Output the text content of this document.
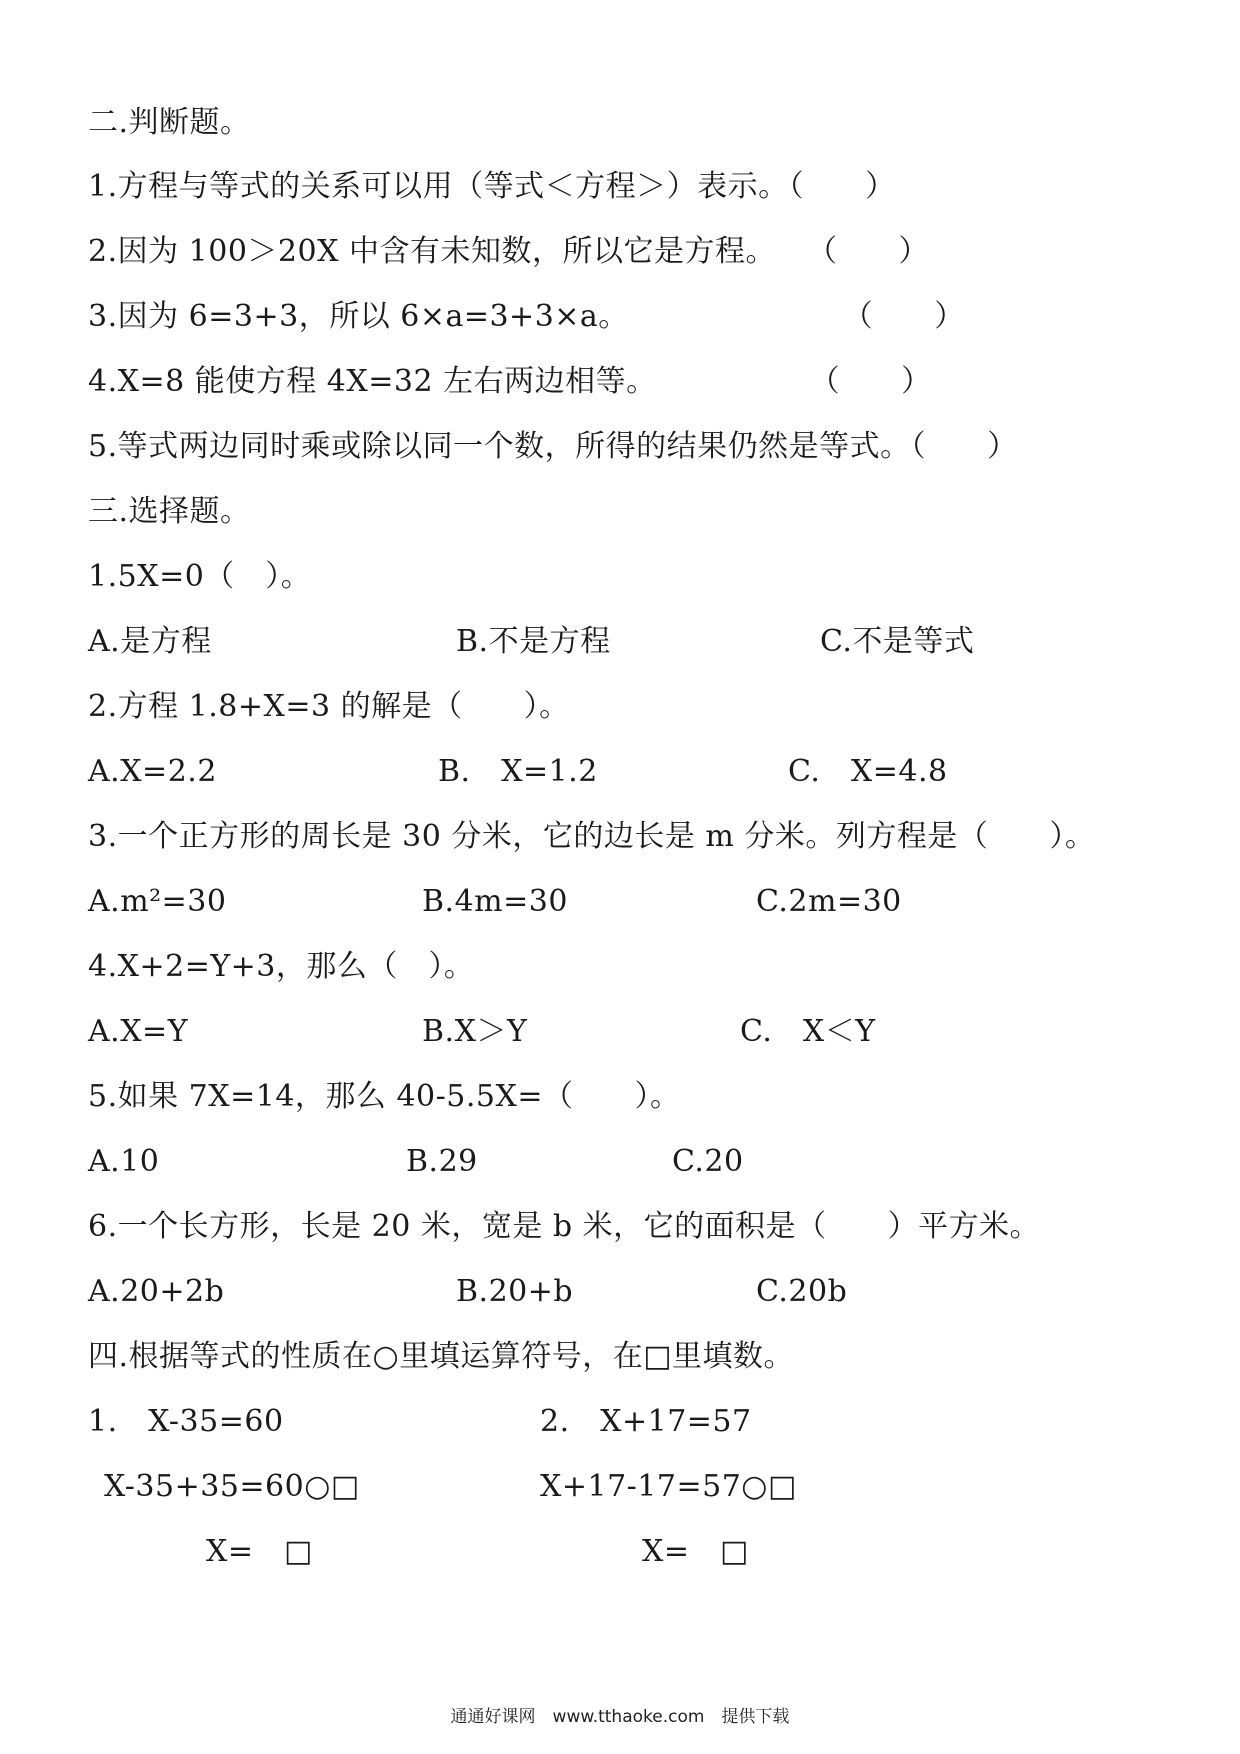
二.判断题。
1.方程与等式的关系可以用（等式＜方程＞）表示。（　　）
2.因为 100＞20X 中含有未知数，所以它是方程。　　（　　）
3.因为 6=3+3，所以 6×a=3+3×a。　　　　　　　　（　　）
4.X=8 能使方程 4X=32 左右两边相等。　　　　　　（　　）
5.等式两边同时乘或除以同一个数，所得的结果仍然是等式。（　　）
三.选择题。
1.5X=0（　）。
A.是方程	B.不是方程	C.不是等式
2.方程 1.8+X=3 的解是（　　）。
A.X=2.2	B.　X=1.2	C.　X=4.8
3.一个正方形的周长是 30 分米，它的边长是 m 分米。列方程是（　　）。
A.m²=30	B.4m=30	C.2m=30
4.X+2=Y+3，那么（　）。
A.X=Y	B.X＞Y	C.　X＜Y
5.如果 7X=14，那么 40-5.5X=（　　）。
A.10	B.29	C.20
6.一个长方形，长是 20 米，宽是 b 米，它的面积是（　　）平方米。
A.20+2b	B.20+b	C.20b
四.根据等式的性质在○里填运算符号，在□里填数。
1.　X-35=60	2.　X+17=57
X-35+35=60○□	X+17-17=57○□
X=　□	X=　□
通通好课网　www.tthaoke.com　提供下载
